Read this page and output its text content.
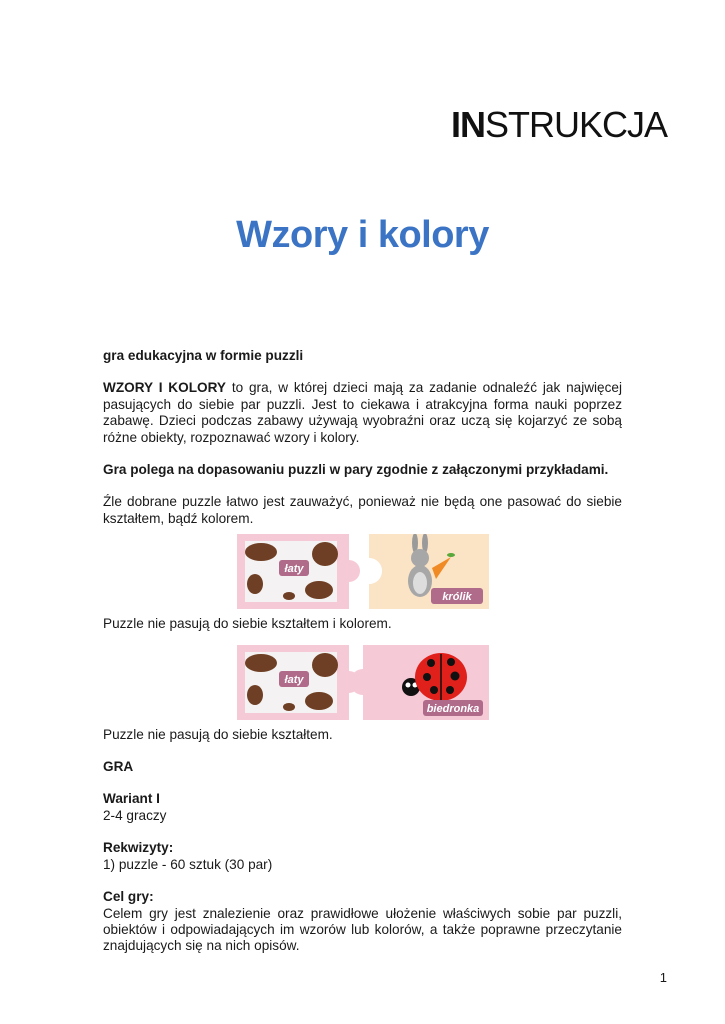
INSTRUKCJA
Wzory i kolory

gra edukacyjna w formie puzzli

WZORY I KOLORY to gra, w której dzieci mają za zadanie odnaleźć jak najwięcej pasujących do siebie par puzzli. Jest to ciekawa i atrakcyjna forma nauki poprzez zabawę. Dzieci podczas zabawy używają wyobraźni oraz uczą się kojarzyć ze sobą różne obiekty, rozpoznawać wzory i kolory.

Gra polega na dopasowaniu puzzli w pary zgodnie z załączonymi przykładami.

Źle dobrane puzzle łatwo jest zauważyć, ponieważ nie będą one pasować do siebie kształtem, bądź kolorem.

łaty
królik

Puzzle nie pasują do siebie kształtem i kolorem.

łaty
biedronka

Puzzle nie pasują do siebie kształtem.

GRA

Wariant I

2-4 graczy

Rekwizyty:

1) puzzle - 60 sztuk (30 par)

Cel gry:

Celem gry jest znalezienie oraz prawidłowe ułożenie właściwych sobie par puzzli, obiektów i odpowiadających im wzorów lub kolorów, a także poprawne przeczytanie znajdujących się na nich opisów.

1
